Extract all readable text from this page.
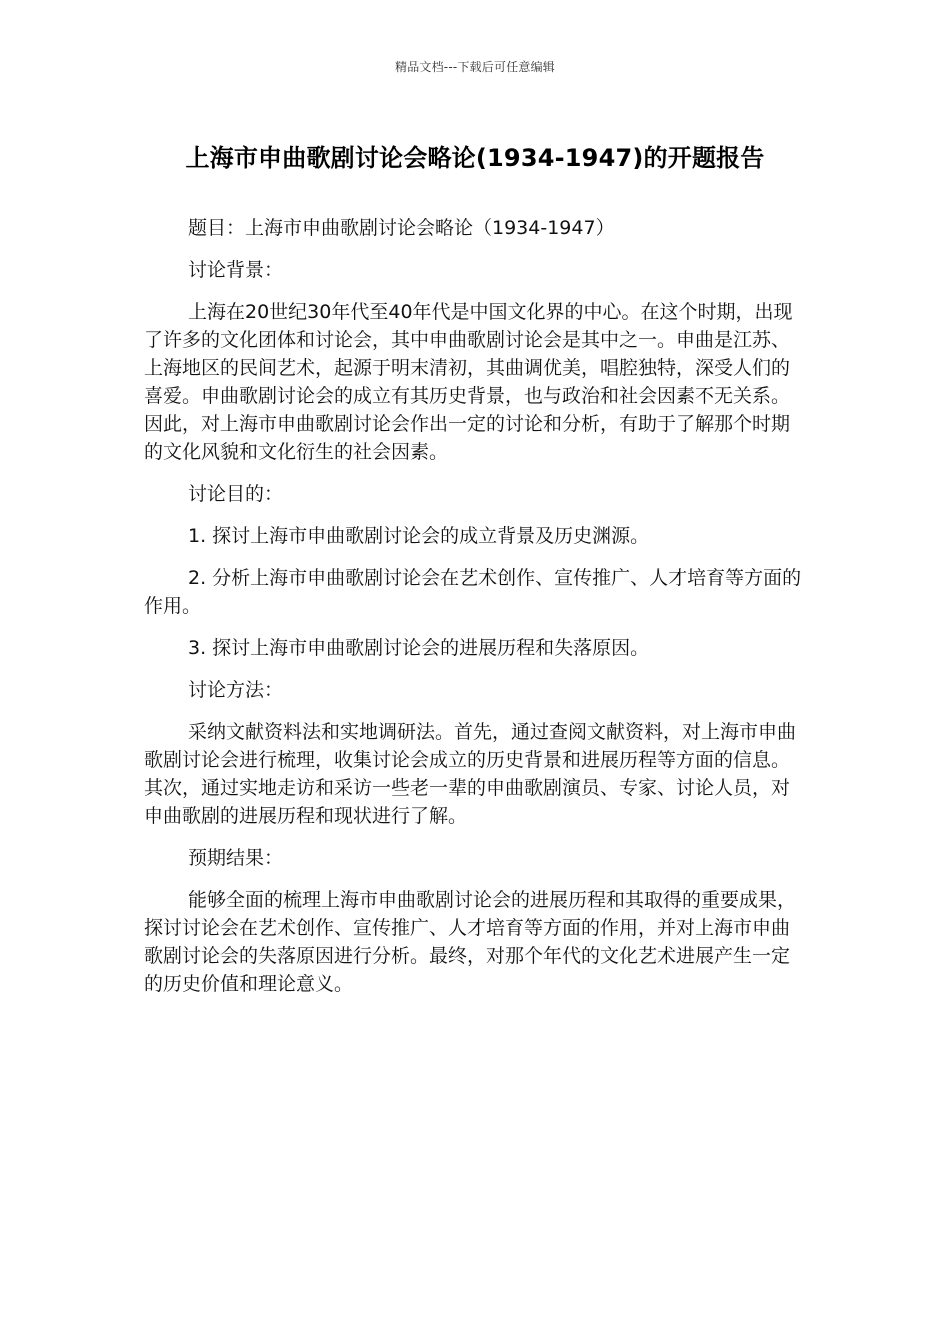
精品文档---下载后可任意编辑
上海市申曲歌剧讨论会略论(1934-1947)的开题报告

题目：上海市申曲歌剧讨论会略论（1934-1947）

讨论背景：

上海在20世纪30年代至40年代是中国文化界的中心。在这个时期，出现了许多的文化团体和讨论会，其中申曲歌剧讨论会是其中之一。申曲是江苏、上海地区的民间艺术，起源于明末清初，其曲调优美，唱腔独特，深受人们的喜爱。申曲歌剧讨论会的成立有其历史背景，也与政治和社会因素不无关系。因此，对上海市申曲歌剧讨论会作出一定的讨论和分析，有助于了解那个时期的文化风貌和文化衍生的社会因素。

讨论目的：

1. 探讨上海市申曲歌剧讨论会的成立背景及历史渊源。

2. 分析上海市申曲歌剧讨论会在艺术创作、宣传推广、人才培育等方面的作用。

3. 探讨上海市申曲歌剧讨论会的进展历程和失落原因。

讨论方法：

采纳文献资料法和实地调研法。首先，通过查阅文献资料，对上海市申曲歌剧讨论会进行梳理，收集讨论会成立的历史背景和进展历程等方面的信息。其次，通过实地走访和采访一些老一辈的申曲歌剧演员、专家、讨论人员，对申曲歌剧的进展历程和现状进行了解。

预期结果：

能够全面的梳理上海市申曲歌剧讨论会的进展历程和其取得的重要成果，探讨讨论会在艺术创作、宣传推广、人才培育等方面的作用，并对上海市申曲歌剧讨论会的失落原因进行分析。最终，对那个年代的文化艺术进展产生一定的历史价值和理论意义。
